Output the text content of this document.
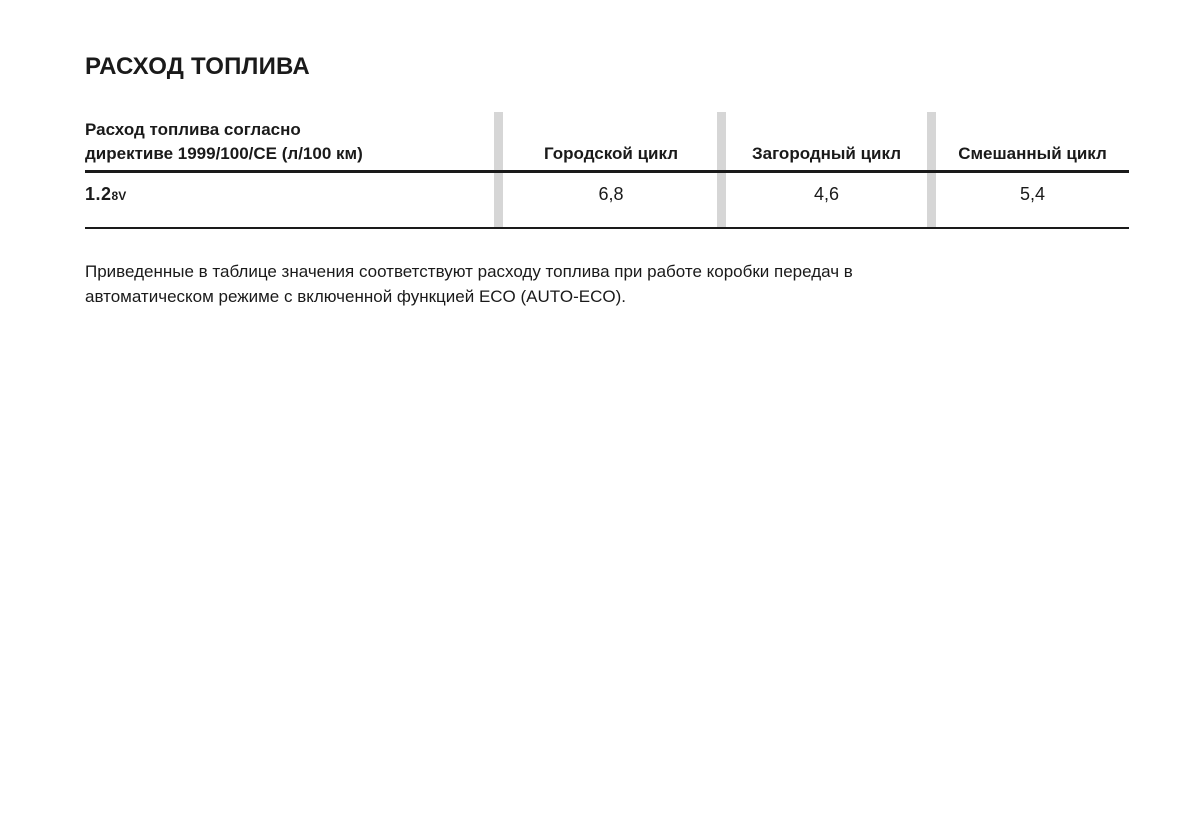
РАСХОД ТОПЛИВА
Расход топлива согласно
директиве 1999/100/CE (л/100 км)	Городской цикл	Загородный цикл	Смешанный цикл
1.28V	6,8	4,6	5,4

Приведенные в таблице значения соответствуют расходу топлива при работе коробки передач в
автоматическом режиме с включенной функцией ECO (AUTO-ECO).
